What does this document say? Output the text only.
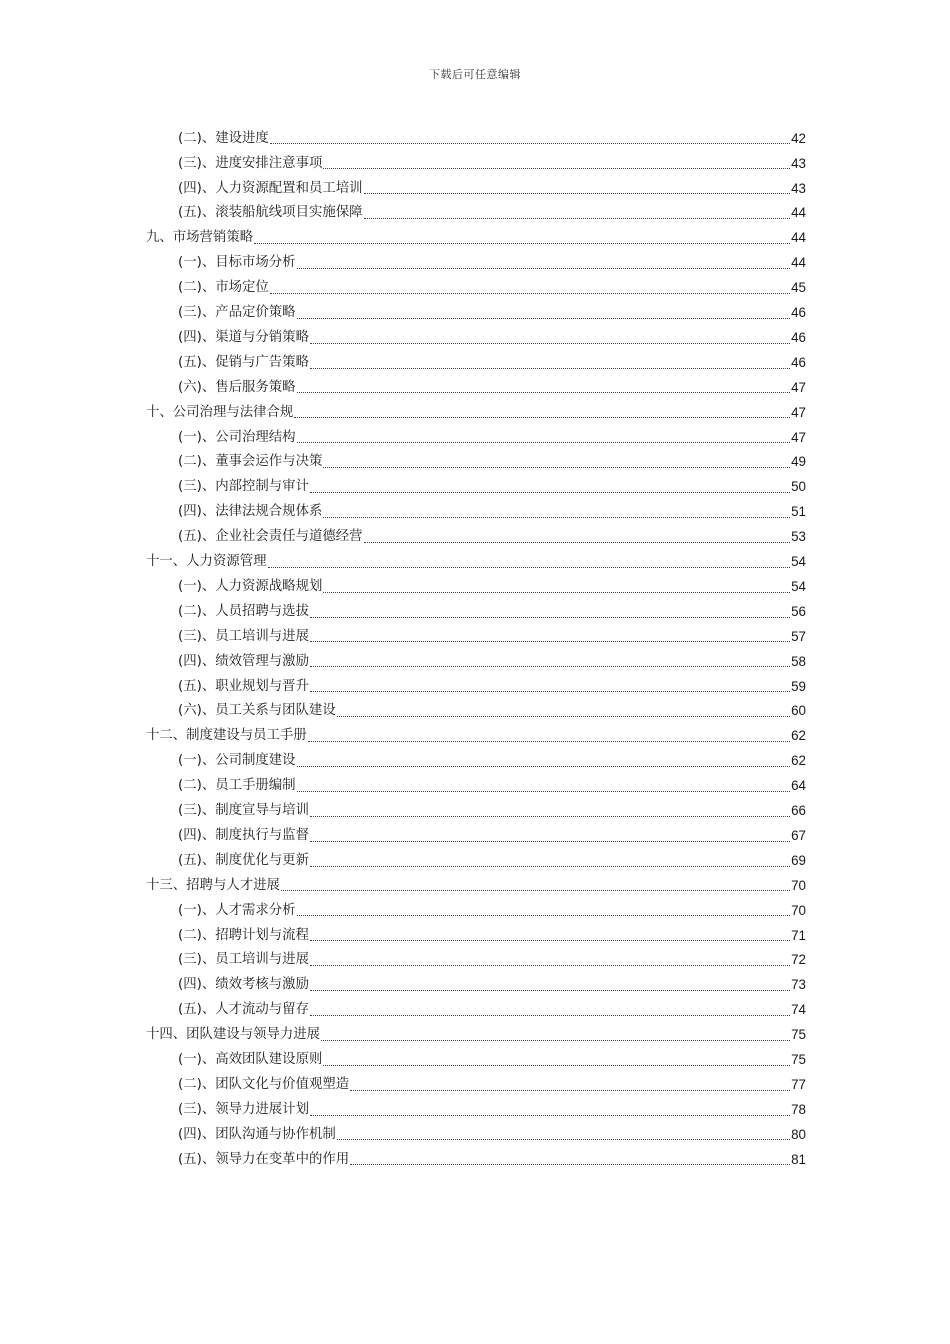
下载后可任意编辑
(二)、建设进度	42
(三)、进度安排注意事项	43
(四)、人力资源配置和员工培训	43
(五)、滚装船航线项目实施保障	44
九、市场营销策略	44
(一)、目标市场分析	44
(二)、市场定位	45
(三)、产品定价策略	46
(四)、渠道与分销策略	46
(五)、促销与广告策略	46
(六)、售后服务策略	47
十、公司治理与法律合规	47
(一)、公司治理结构	47
(二)、董事会运作与决策	49
(三)、内部控制与审计	50
(四)、法律法规合规体系	51
(五)、企业社会责任与道德经营	53
十一、人力资源管理	54
(一)、人力资源战略规划	54
(二)、人员招聘与选拔	56
(三)、员工培训与进展	57
(四)、绩效管理与激励	58
(五)、职业规划与晋升	59
(六)、员工关系与团队建设	60
十二、制度建设与员工手册	62
(一)、公司制度建设	62
(二)、员工手册编制	64
(三)、制度宣导与培训	66
(四)、制度执行与监督	67
(五)、制度优化与更新	69
十三、招聘与人才进展	70
(一)、人才需求分析	70
(二)、招聘计划与流程	71
(三)、员工培训与进展	72
(四)、绩效考核与激励	73
(五)、人才流动与留存	74
十四、团队建设与领导力进展	75
(一)、高效团队建设原则	75
(二)、团队文化与价值观塑造	77
(三)、领导力进展计划	78
(四)、团队沟通与协作机制	80
(五)、领导力在变革中的作用	81
